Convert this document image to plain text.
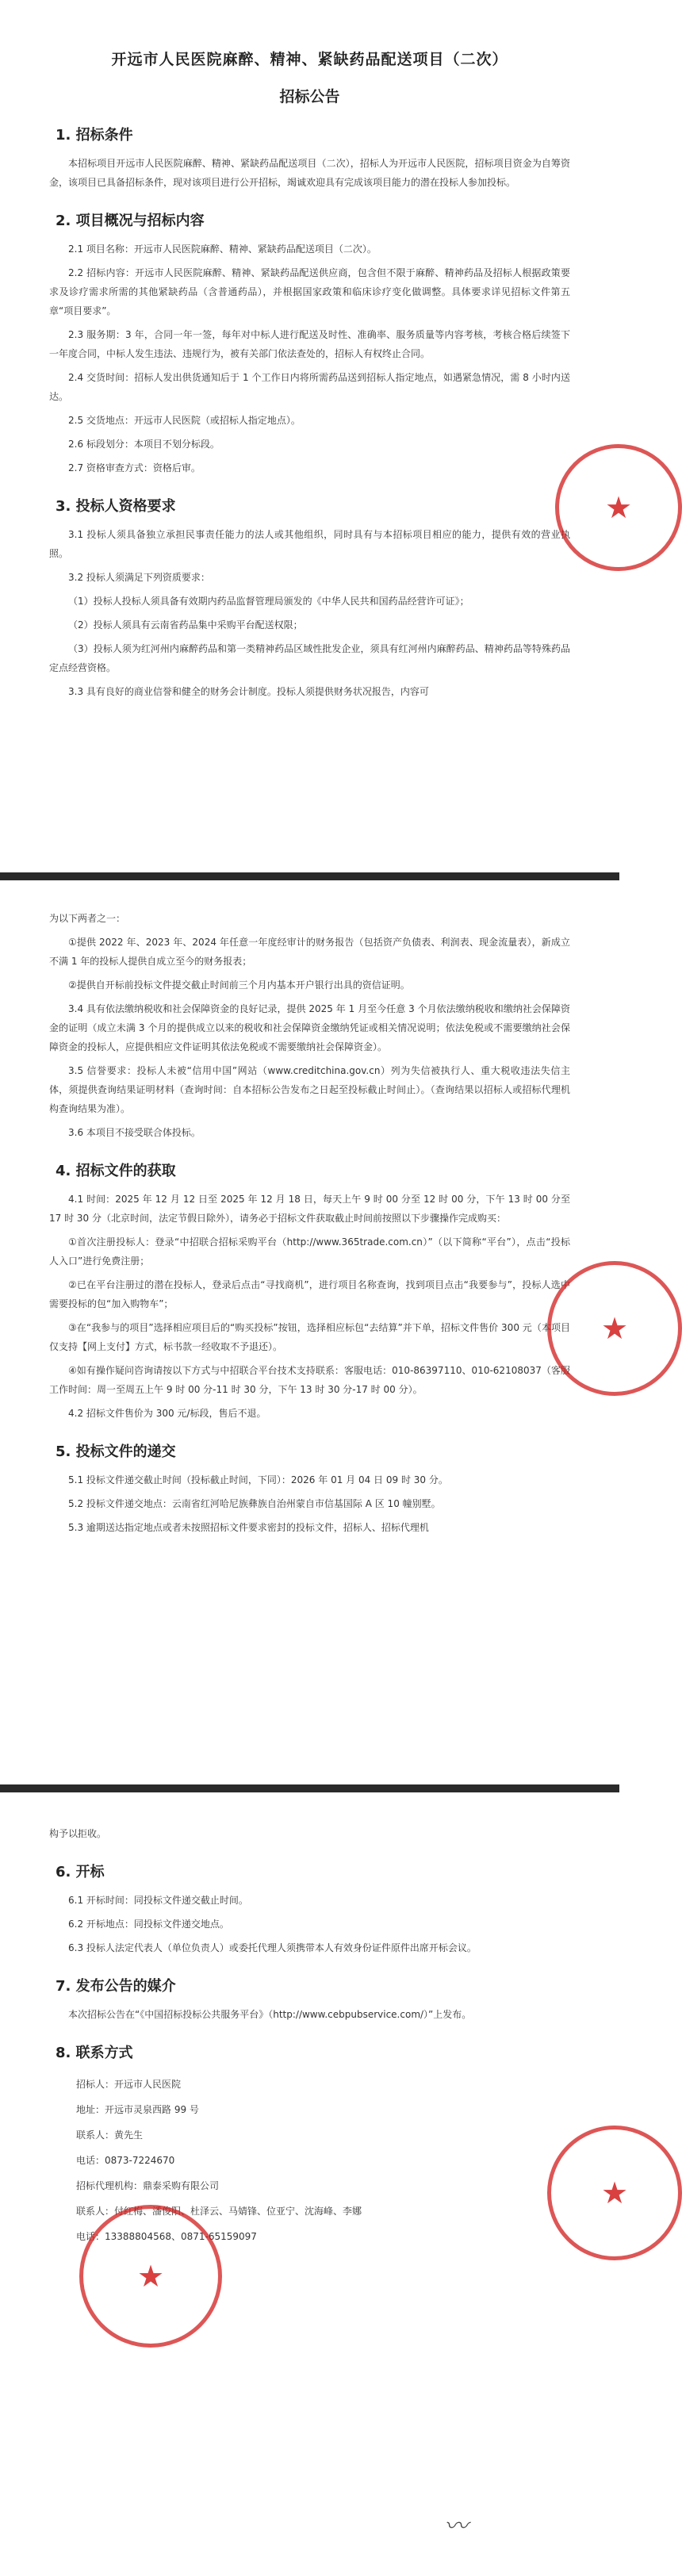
开远市人民医院麻醉、精神、紧缺药品配送项目（二次）
招标公告
1. 招标条件

本招标项目开远市人民医院麻醉、精神、紧缺药品配送项目（二次），招标人为开远市人民医院，招标项目资金为自筹资金，该项目已具备招标条件，现对该项目进行公开招标，竭诚欢迎具有完成该项目能力的潜在投标人参加投标。

2. 项目概况与招标内容

2.1 项目名称：开远市人民医院麻醉、精神、紧缺药品配送项目（二次）。

2.2 招标内容：开远市人民医院麻醉、精神、紧缺药品配送供应商，包含但不限于麻醉、精神药品及招标人根据政策要求及诊疗需求所需的其他紧缺药品（含普通药品），并根据国家政策和临床诊疗变化做调整。具体要求详见招标文件第五章“项目要求”。

2.3 服务期：3 年，合同一年一签，每年对中标人进行配送及时性、准确率、服务质量等内容考核，考核合格后续签下一年度合同，中标人发生违法、违规行为，被有关部门依法查处的，招标人有权终止合同。

2.4 交货时间：招标人发出供货通知后于 1 个工作日内将所需药品送到招标人指定地点，如遇紧急情况，需 8 小时内送达。

2.5 交货地点：开远市人民医院（或招标人指定地点）。

2.6 标段划分：本项目不划分标段。

2.7 资格审查方式：资格后审。

3. 投标人资格要求

3.1 投标人须具备独立承担民事责任能力的法人或其他组织，同时具有与本招标项目相应的能力，提供有效的营业执照。

3.2 投标人须满足下列资质要求：

（1）投标人投标人须具备有效期内药品监督管理局颁发的《中华人民共和国药品经营许可证》；

（2）投标人须具有云南省药品集中采购平台配送权限；

（3）投标人须为红河州内麻醉药品和第一类精神药品区域性批发企业，须具有红河州内麻醉药品、精神药品等特殊药品定点经营资格。

3.3 具有良好的商业信誉和健全的财务会计制度。投标人须提供财务状况报告，内容可

★

为以下两者之一：

①提供 2022 年、2023 年、2024 年任意一年度经审计的财务报告（包括资产负债表、利润表、现金流量表），新成立不满 1 年的投标人提供自成立至今的财务报表；

②提供自开标前投标文件提交截止时间前三个月内基本开户银行出具的资信证明。

3.4 具有依法缴纳税收和社会保障资金的良好记录，提供 2025 年 1 月至今任意 3 个月依法缴纳税收和缴纳社会保障资金的证明（成立未满 3 个月的提供成立以来的税收和社会保障资金缴纳凭证或相关情况说明；依法免税或不需要缴纳社会保障资金的投标人，应提供相应文件证明其依法免税或不需要缴纳社会保障资金）。

3.5 信誉要求：投标人未被“信用中国”网站（www.creditchina.gov.cn）列为失信被执行人、重大税收违法失信主体，须提供查询结果证明材料（查询时间：自本招标公告发布之日起至投标截止时间止）。（查询结果以招标人或招标代理机构查询结果为准）。

3.6 本项目不接受联合体投标。

4. 招标文件的获取

4.1 时间：2025 年 12 月 12 日至 2025 年 12 月 18 日，每天上午 9 时 00 分至 12 时 00 分，下午 13 时 00 分至 17 时 30 分（北京时间，法定节假日除外），请务必于招标文件获取截止时间前按照以下步骤操作完成购买：

①首次注册投标人：登录“中招联合招标采购平台（http://www.365trade.com.cn）”（以下简称“平台”），点击“投标人入口”进行免费注册；

②已在平台注册过的潜在投标人，登录后点击“寻找商机”，进行项目名称查询，找到项目点击“我要参与”，投标人选中需要投标的包“加入购物车”；

③在“我参与的项目”选择相应项目后的“购买投标”按钮，选择相应标包“去结算”并下单，招标文件售价 300 元（本项目仅支持【网上支付】方式，标书款一经收取不予退还）。

④如有操作疑问咨询请按以下方式与中招联合平台技术支持联系：客服电话：010-86397110、010-62108037（客服工作时间：周一至周五上午 9 时 00 分-11 时 30 分，下午 13 时 30 分-17 时 00 分）。

4.2 招标文件售价为 300 元/标段，售后不退。

5. 投标文件的递交

5.1 投标文件递交截止时间（投标截止时间，下同）：2026 年 01 月 04 日 09 时 30 分。

5.2 投标文件递交地点：云南省红河哈尼族彝族自治州蒙自市信基国际 A 区 10 幢别墅。

5.3 逾期送达指定地点或者未按照招标文件要求密封的投标文件，招标人、招标代理机

★

构予以拒收。

6. 开标

6.1 开标时间：同投标文件递交截止时间。

6.2 开标地点：同投标文件递交地点。

6.3 投标人法定代表人（单位负责人）或委托代理人须携带本人有效身份证件原件出席开标会议。

7. 发布公告的媒介

本次招标公告在“《中国招标投标公共服务平台》（http://www.cebpubservice.com/）”上发布。

8. 联系方式
招标人：开远市人民医院
地址：开远市灵泉西路 99 号
联系人：黄先生
电话：0873-7224670
招标代理机构：鼎泰采购有限公司
联系人：付红梅、潘俊阳、杜泽云、马婧锋、位亚宁、沈海峰、李娜
电话：13388804568、0871-65159097
★
★
〰
